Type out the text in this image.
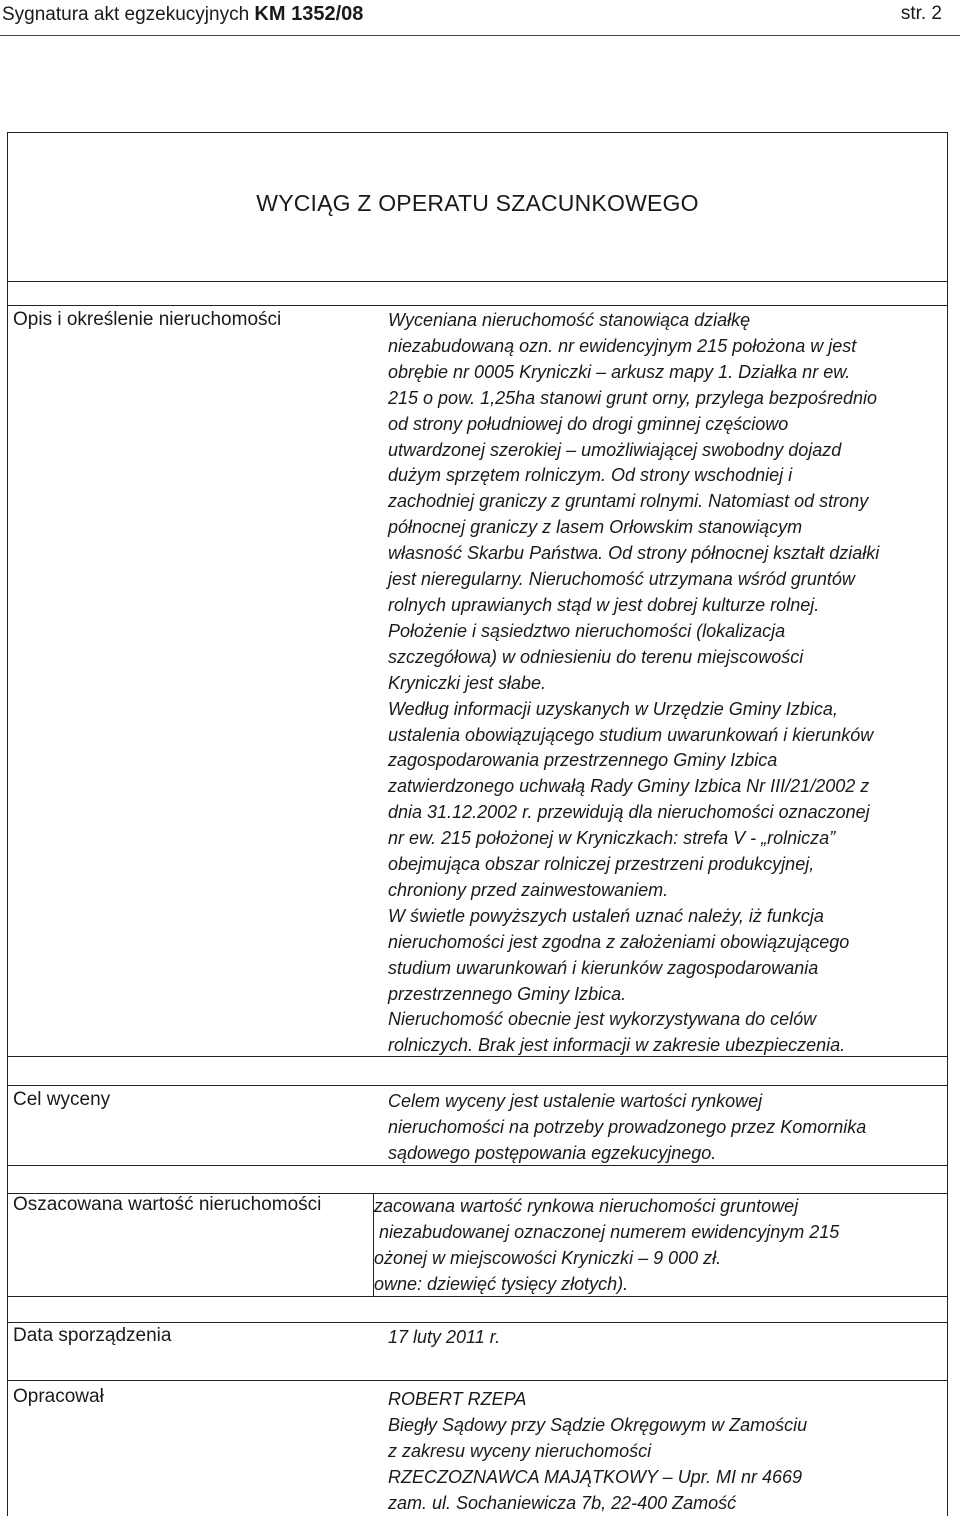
Sygnatura akt egzekucyjnych KM 1352/08	str. 2
WYCIĄG Z OPERATU SZACUNKOWEGO
Opis i określenie nieruchomości	Wyceniana nieruchomość stanowiąca działkę
niezabudowaną ozn. nr ewidencyjnym 215 położona w jest
obrębie nr 0005 Kryniczki – arkusz mapy 1. Działka nr ew.
215 o pow. 1,25ha stanowi grunt orny, przylega bezpośrednio
od strony południowej do drogi gminnej częściowo
utwardzonej szerokiej – umożliwiającej swobodny dojazd
dużym sprzętem rolniczym. Od strony wschodniej i
zachodniej graniczy z gruntami rolnymi. Natomiast od strony
północnej graniczy z lasem Orłowskim stanowiącym
własność Skarbu Państwa. Od strony północnej kształt działki
jest nieregularny. Nieruchomość utrzymana wśród gruntów
rolnych uprawianych stąd w jest dobrej kulturze rolnej.
Położenie i sąsiedztwo nieruchomości (lokalizacja
szczegółowa) w odniesieniu do terenu miejscowości
Kryniczki jest słabe.
Według informacji uzyskanych w Urzędzie Gminy Izbica,
ustalenia obowiązującego studium uwarunkowań i kierunków
zagospodarowania przestrzennego Gminy Izbica
zatwierdzonego uchwałą Rady Gminy Izbica Nr III/21/2002 z
dnia 31.12.2002 r. przewidują dla nieruchomości oznaczonej
nr ew. 215 położonej w Kryniczkach: strefa V - „rolnicza”
obejmująca obszar rolniczej przestrzeni produkcyjnej,
chroniony przed zainwestowaniem.
W świetle powyższych ustaleń uznać należy, iż funkcja
nieruchomości jest zgodna z założeniami obowiązującego
studium uwarunkowań i kierunków zagospodarowania
przestrzennego Gminy Izbica.
Nieruchomość obecnie jest wykorzystywana do celów
rolniczych. Brak jest informacji w zakresie ubezpieczenia.
Cel wyceny	Celem wyceny jest ustalenie wartości rynkowej
nieruchomości na potrzeby prowadzonego przez Komornika
sądowego postępowania egzekucyjnego.
Oszacowana wartość nieruchomości	zacowana wartość rynkowa nieruchomości gruntowej
niezabudowanej oznaczonej numerem ewidencyjnym 215
ożonej w miejscowości Kryniczki – 9 000 zł.
owne: dziewięć tysięcy złotych).
Data sporządzenia	17 luty 2011 r.
Opracował	ROBERT RZEPA
Biegły Sądowy przy Sądzie Okręgowym w Zamościu
z zakresu wyceny nieruchomości
RZECZOZNAWCA MAJĄTKOWY – Upr. MI nr 4669
zam. ul. Sochaniewicza 7b, 22-400 Zamość
